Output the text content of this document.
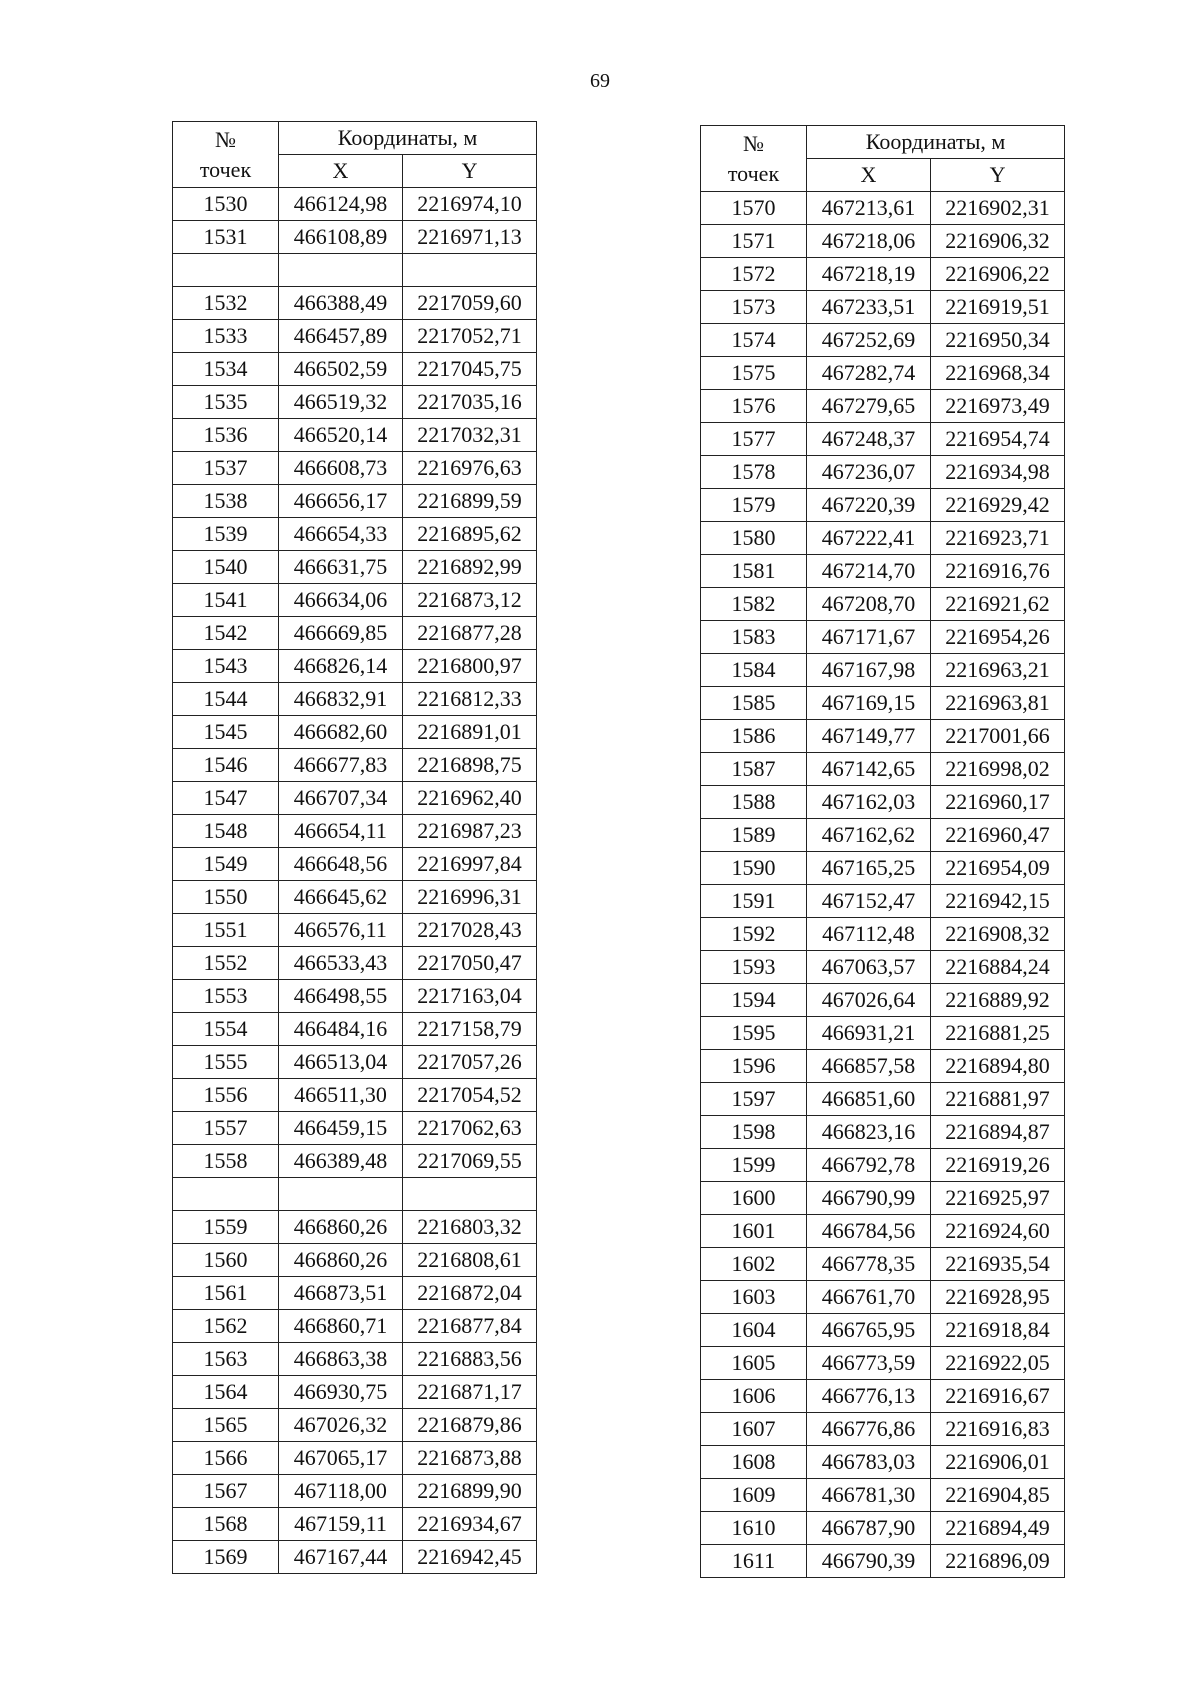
69
№
точек	Координаты, м	
	X	Y
1530	466124,98	2216974,10
1531	466108,89	2216971,13

1532	466388,49	2217059,60
1533	466457,89	2217052,71
1534	466502,59	2217045,75
1535	466519,32	2217035,16
1536	466520,14	2217032,31
1537	466608,73	2216976,63
1538	466656,17	2216899,59
1539	466654,33	2216895,62
1540	466631,75	2216892,99
1541	466634,06	2216873,12
1542	466669,85	2216877,28
1543	466826,14	2216800,97
1544	466832,91	2216812,33
1545	466682,60	2216891,01
1546	466677,83	2216898,75
1547	466707,34	2216962,40
1548	466654,11	2216987,23
1549	466648,56	2216997,84
1550	466645,62	2216996,31
1551	466576,11	2217028,43
1552	466533,43	2217050,47
1553	466498,55	2217163,04
1554	466484,16	2217158,79
1555	466513,04	2217057,26
1556	466511,30	2217054,52
1557	466459,15	2217062,63
1558	466389,48	2217069,55

1559	466860,26	2216803,32
1560	466860,26	2216808,61
1561	466873,51	2216872,04
1562	466860,71	2216877,84
1563	466863,38	2216883,56
1564	466930,75	2216871,17
1565	467026,32	2216879,86
1566	467065,17	2216873,88
1567	467118,00	2216899,90
1568	467159,11	2216934,67
1569	467167,44	2216942,45
№
точек	Координаты, м	
	X	Y
1570	467213,61	2216902,31
1571	467218,06	2216906,32
1572	467218,19	2216906,22
1573	467233,51	2216919,51
1574	467252,69	2216950,34
1575	467282,74	2216968,34
1576	467279,65	2216973,49
1577	467248,37	2216954,74
1578	467236,07	2216934,98
1579	467220,39	2216929,42
1580	467222,41	2216923,71
1581	467214,70	2216916,76
1582	467208,70	2216921,62
1583	467171,67	2216954,26
1584	467167,98	2216963,21
1585	467169,15	2216963,81
1586	467149,77	2217001,66
1587	467142,65	2216998,02
1588	467162,03	2216960,17
1589	467162,62	2216960,47
1590	467165,25	2216954,09
1591	467152,47	2216942,15
1592	467112,48	2216908,32
1593	467063,57	2216884,24
1594	467026,64	2216889,92
1595	466931,21	2216881,25
1596	466857,58	2216894,80
1597	466851,60	2216881,97
1598	466823,16	2216894,87
1599	466792,78	2216919,26
1600	466790,99	2216925,97
1601	466784,56	2216924,60
1602	466778,35	2216935,54
1603	466761,70	2216928,95
1604	466765,95	2216918,84
1605	466773,59	2216922,05
1606	466776,13	2216916,67
1607	466776,86	2216916,83
1608	466783,03	2216906,01
1609	466781,30	2216904,85
1610	466787,90	2216894,49
1611	466790,39	2216896,09
